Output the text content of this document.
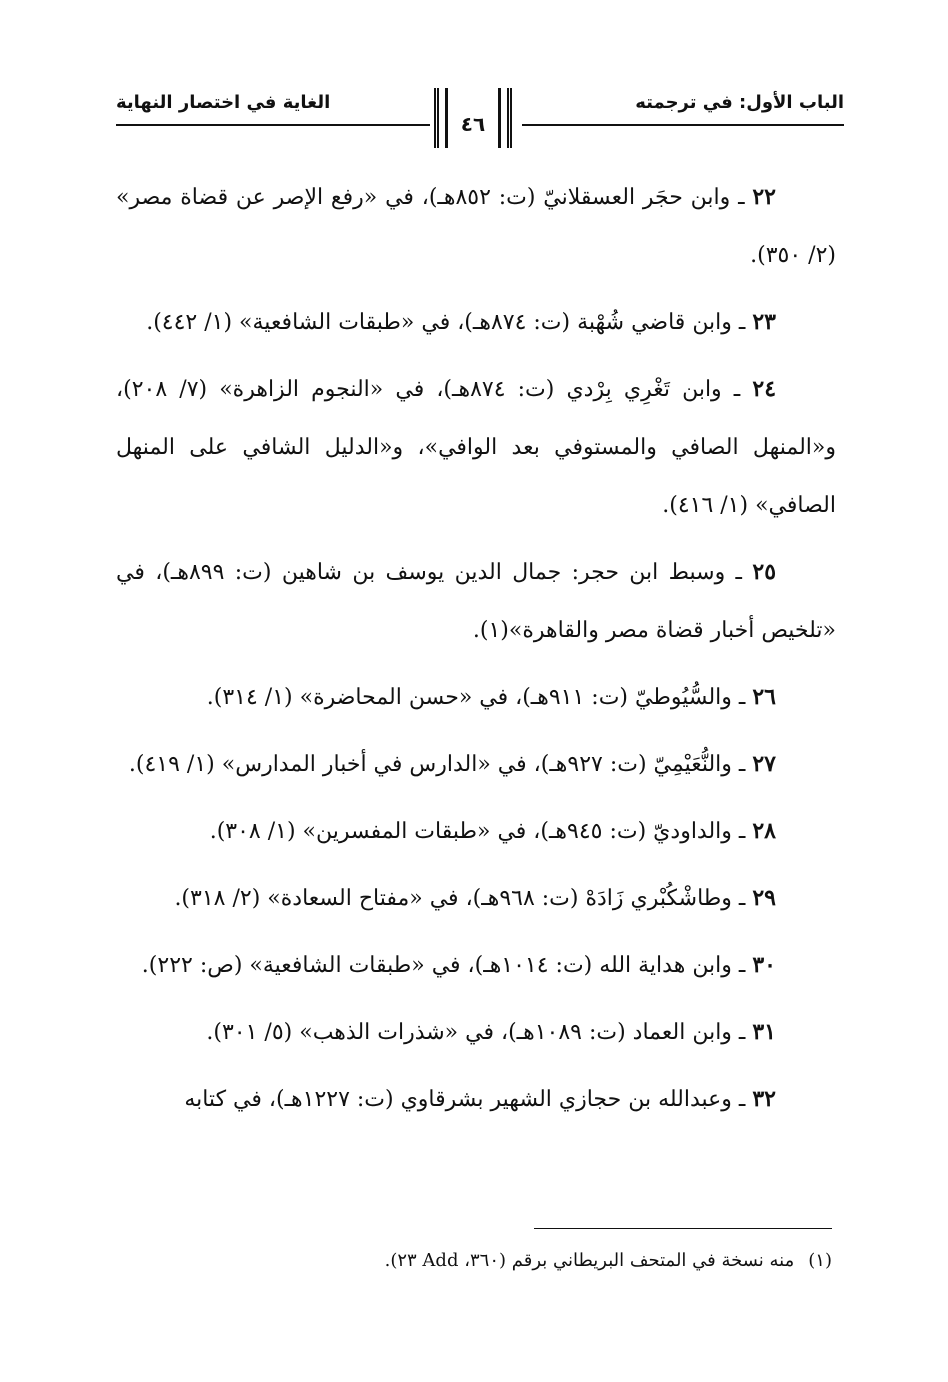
الباب الأول: في ترجمته
الغاية في اختصار النهاية
٤٦

٢٢ ـ وابن حجَر العسقلانيّ (ت: ٨٥٢هـ)، في «رفع الإصر عن قضاة مصر» (٢/ ٣٥٠).

٢٣ ـ وابن قاضي شُهْبة (ت: ٨٧٤هـ)، في «طبقات الشافعية» (١/ ٤٤٢).

٢٤ ـ وابن تَغْرِي بِرْدي (ت: ٨٧٤هـ)، في «النجوم الزاهرة» (٧/ ٢٠٨)، و«المنهل الصافي والمستوفي بعد الوافي»، و«الدليل الشافي على المنهل الصافي» (١/ ٤١٦).

٢٥ ـ وسبط ابن حجر: جمال الدين يوسف بن شاهين (ت: ٨٩٩هـ)، في «تلخيص أخبار قضاة مصر والقاهرة»(١).

٢٦ ـ والسُّيُوطيّ (ت: ٩١١هـ)، في «حسن المحاضرة» (١/ ٣١٤).

٢٧ ـ والنُّعَيْمِيّ (ت: ٩٢٧هـ)، في «الدارس في أخبار المدارس» (١/ ٤١٩).

٢٨ ـ والداوديّ (ت: ٩٤٥هـ)، في «طبقات المفسرين» (١/ ٣٠٨).

٢٩ ـ وطاشْكُبْري زَادَهْ (ت: ٩٦٨هـ)، في «مفتاح السعادة» (٢/ ٣١٨).

٣٠ ـ وابن هداية الله (ت: ١٠١٤هـ)، في «طبقات الشافعية» (ص: ٢٢٢).

٣١ ـ وابن العماد (ت: ١٠٨٩هـ)، في «شذرات الذهب» (٥/ ٣٠١).

٣٢ ـ وعبدالله بن حجازي الشهير بشرقاوي (ت: ١٢٢٧هـ)، في كتابه

(١)منه نسخة في المتحف البريطاني برقم (٣٦٠، Add ٢٣).
